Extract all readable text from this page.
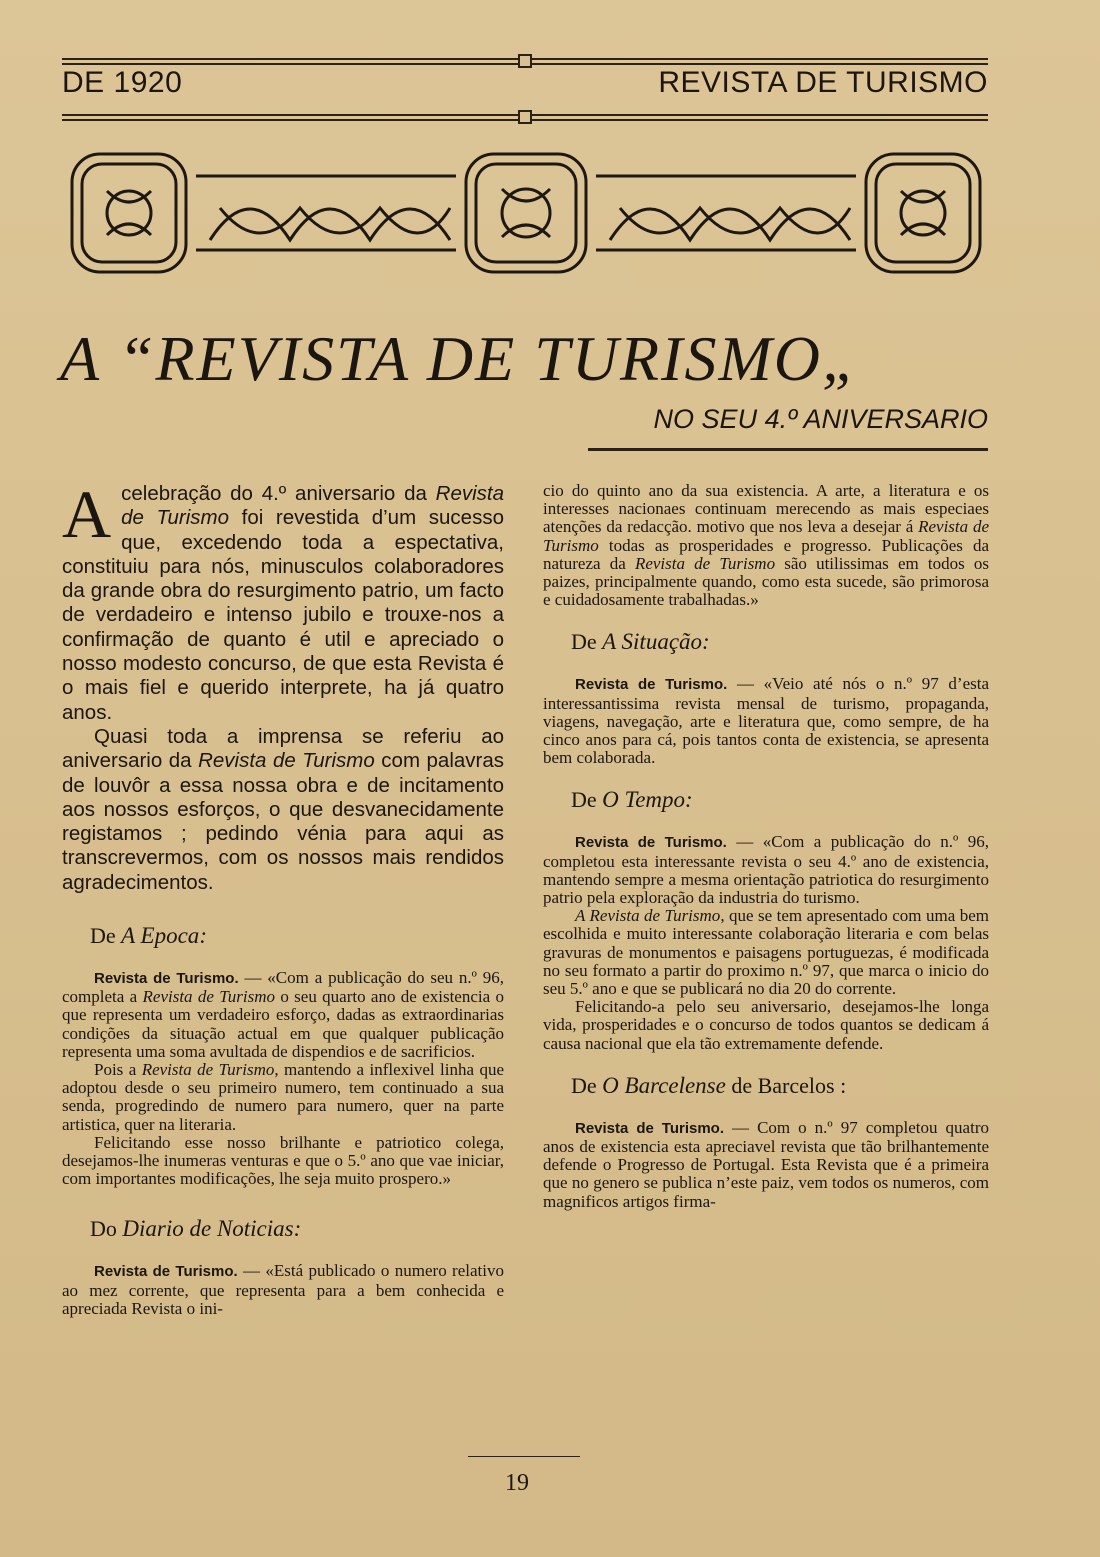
DE 1920	REVISTA DE TURISMO
A “REVISTA DE TURISMO„
NO SEU 4.º ANIVERSARIO

A celebração do 4.º aniversario da Revista de Turismo foi revestida d’um sucesso que, excedendo toda a espectativa, constituiu para nós, minusculos colaboradores da grande obra do resurgimento patrio, um facto de verdadeiro e intenso jubilo e trouxe-nos a confirmação de quanto é util e apreciado o nosso modesto concurso, de que esta Revista é o mais fiel e querido interprete, ha já quatro anos.

Quasi toda a imprensa se referiu ao aniversario da Revista de Turismo com palavras de louvôr a essa nossa obra e de incitamento aos nossos esforços, o que desvanecidamente registamos ; pedindo vénia para aqui as transcrevermos, com os nossos mais rendidos agradecimentos.

De A Epoca:

Revista de Turismo. — «Com a publicação do seu n.º 96, completa a Revista de Turismo o seu quarto ano de existencia o que representa um verdadeiro esforço, dadas as extraordinarias condições da situação actual em que qualquer publicação representa uma soma avultada de dispendios e de sacrificios.

Pois a Revista de Turismo, mantendo a inflexivel linha que adoptou desde o seu primeiro numero, tem continuado a sua senda, progredindo de numero para numero, quer na parte artistica, quer na literaria.

Felicitando esse nosso brilhante e patriotico colega, desejamos-lhe inumeras venturas e que o 5.º ano que vae iniciar, com importantes modificações, lhe seja muito prospero.»

Do Diario de Noticias:

Revista de Turismo. — «Está publicado o numero relativo ao mez corrente, que representa para a bem conhecida e apreciada Revista o ini-

cio do quinto ano da sua existencia. A arte, a literatura e os interesses nacionaes continuam merecendo as mais especiaes atenções da redacção. motivo que nos leva a desejar á Revista de Turismo todas as prosperidades e progresso. Publicações da natureza da Revista de Turismo são utilissimas em todos os paizes, principalmente quando, como esta sucede, são primorosa e cuidadosamente trabalhadas.»

De A Situação:

Revista de Turismo. — «Veio até nós o n.º 97 d’esta interessantissima revista mensal de turismo, propaganda, viagens, navegação, arte e literatura que, como sempre, de ha cinco anos para cá, pois tantos conta de existencia, se apresenta bem colaborada.

De O Tempo:

Revista de Turismo. — «Com a publicação do n.º 96, completou esta interessante revista o seu 4.º ano de existencia, mantendo sempre a mesma orientação patriotica do resurgimento patrio pela exploração da industria do turismo.

A Revista de Turismo, que se tem apresentado com uma bem escolhida e muito interessante colaboração literaria e com belas gravuras de monumentos e paisagens portuguezas, é modificada no seu formato a partir do proximo n.º 97, que marca o inicio do seu 5.º ano e que se publicará no dia 20 do corrente.

Felicitando-a pelo seu aniversario, desejamos-lhe longa vida, prosperidades e o concurso de todos quantos se dedicam á causa nacional que ela tão extremamente defende.

De O Barcelense de Barcelos :

Revista de Turismo. — Com o n.º 97 completou quatro anos de existencia esta apreciavel revista que tão brilhantemente defende o Progresso de Portugal. Esta Revista que é a primeira que no genero se publica n’este paiz, vem todos os numeros, com magnificos artigos firma-

19
